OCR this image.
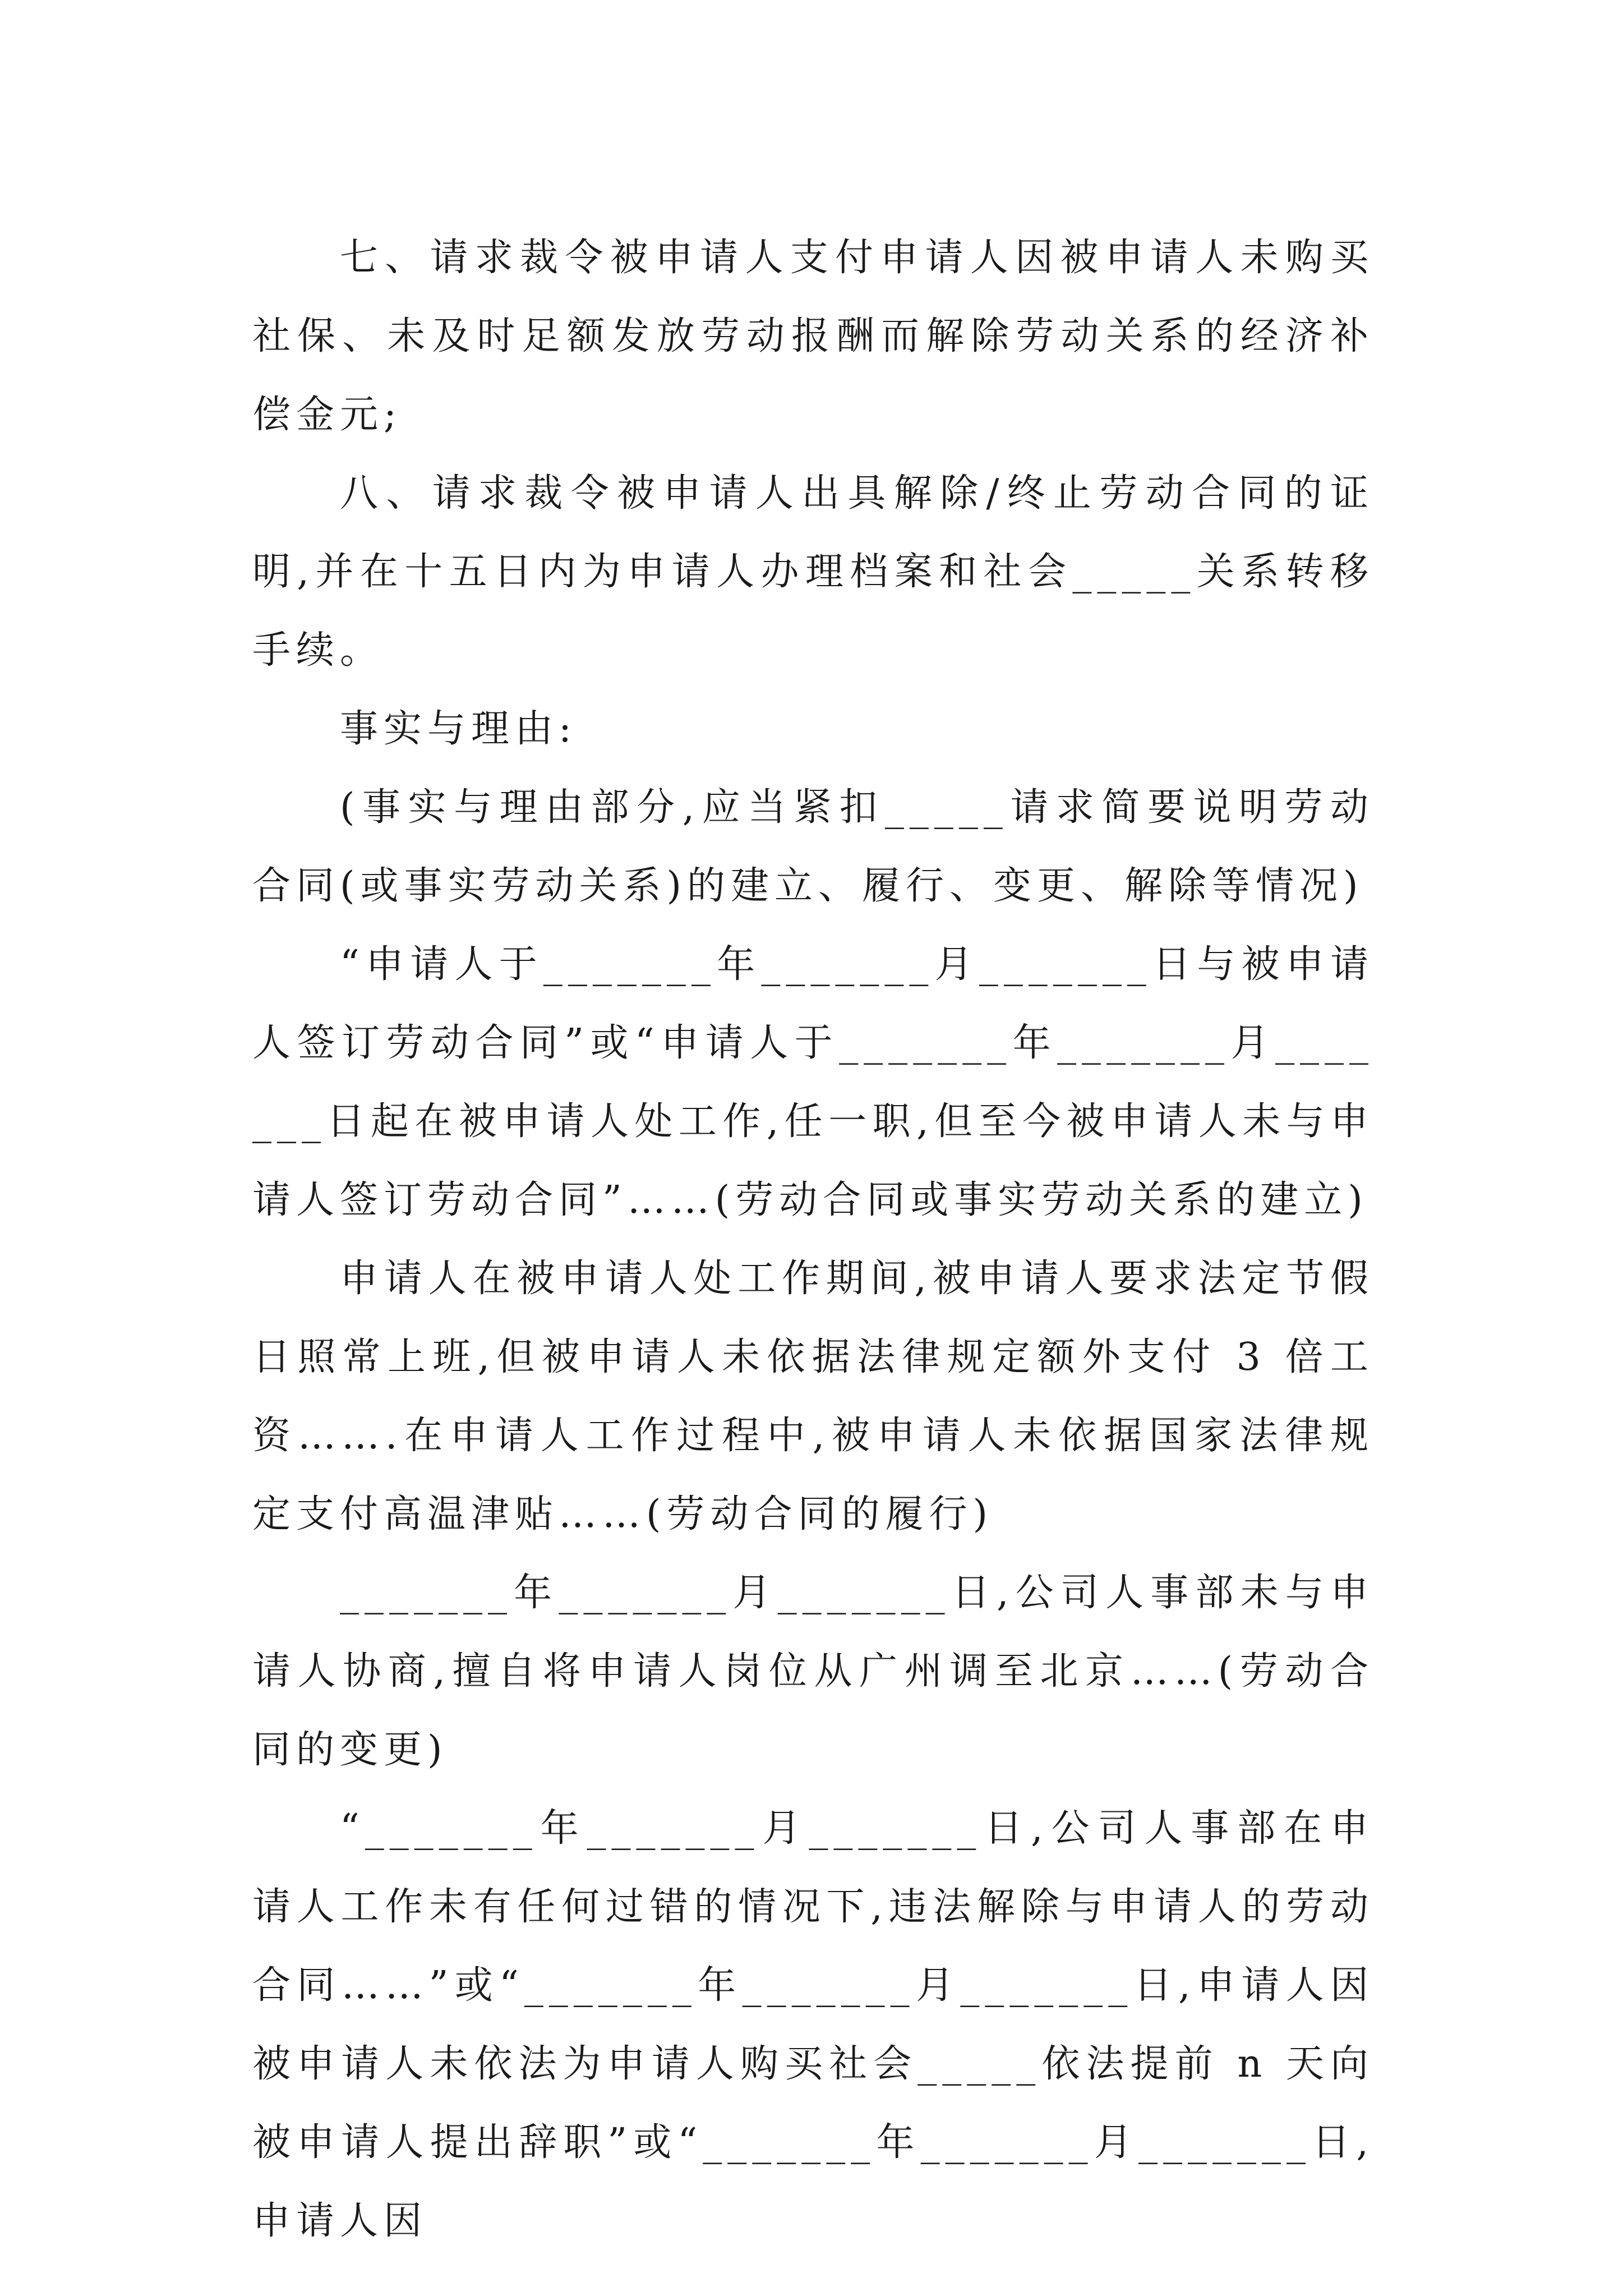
七、请求裁令被申请人支付申请人因被申请人未购买社保、未及时足额发放劳动报酬而解除劳动关系的经济补偿金元;

八、请求裁令被申请人出具解除/终止劳动合同的证明,并在十五日内为申请人办理档案和社会_____关系转移手续。

事实与理由:

(事实与理由部分,应当紧扣_____请求简要说明劳动合同(或事实劳动关系)的建立、履行、变更、解除等情况)

“申请人于_______年_______月_______日与被申请人签订劳动合同”或“申请人于_______年_______月_______日起在被申请人处工作,任一职,但至今被申请人未与申请人签订劳动合同”……(劳动合同或事实劳动关系的建立)

申请人在被申请人处工作期间,被申请人要求法定节假日照常上班,但被申请人未依据法律规定额外支付 3 倍工资…….在申请人工作过程中,被申请人未依据国家法律规定支付高温津贴……(劳动合同的履行)

_______年_______月_______日,公司人事部未与申请人协商,擅自将申请人岗位从广州调至北京……(劳动合同的变更)

“_______年_______月_______日,公司人事部在申请人工作未有任何过错的情况下,违法解除与申请人的劳动合同……”或“_______年_______月_______日,申请人因被申请人未依法为申请人购买社会_____依法提前 n 天向被申请人提出辞职”或“_______年_______月_______日,申请人因
